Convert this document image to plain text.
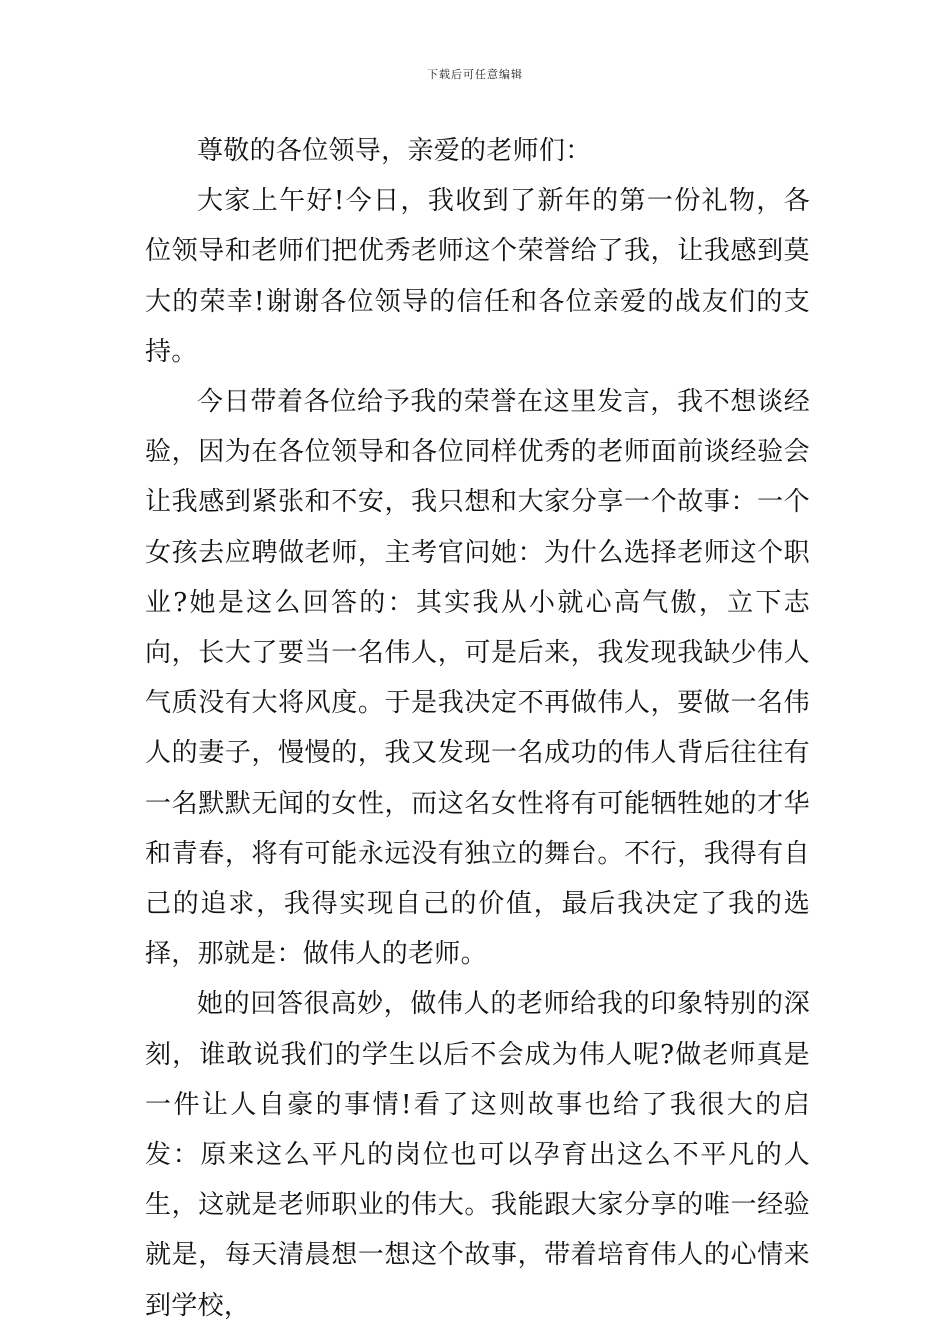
下载后可任意编辑

尊敬的各位领导，亲爱的老师们：

大家上午好!今日，我收到了新年的第一份礼物，各位领导和老师们把优秀老师这个荣誉给了我，让我感到莫大的荣幸!谢谢各位领导的信任和各位亲爱的战友们的支持。

今日带着各位给予我的荣誉在这里发言，我不想谈经验，因为在各位领导和各位同样优秀的老师面前谈经验会让我感到紧张和不安，我只想和大家分享一个故事：一个女孩去应聘做老师，主考官问她：为什么选择老师这个职业?她是这么回答的：其实我从小就心高气傲，立下志向，长大了要当一名伟人，可是后来，我发现我缺少伟人气质没有大将风度。于是我决定不再做伟人，要做一名伟人的妻子，慢慢的，我又发现一名成功的伟人背后往往有一名默默无闻的女性，而这名女性将有可能牺牲她的才华和青春，将有可能永远没有独立的舞台。不行，我得有自己的追求，我得实现自己的价值，最后我决定了我的选择，那就是：做伟人的老师。

她的回答很高妙，做伟人的老师给我的印象特别的深刻，谁敢说我们的学生以后不会成为伟人呢?做老师真是一件让人自豪的事情!看了这则故事也给了我很大的启发：原来这么平凡的岗位也可以孕育出这么不平凡的人生，这就是老师职业的伟大。我能跟大家分享的唯一经验就是，每天清晨想一想这个故事，带着培育伟人的心情来到学校，
